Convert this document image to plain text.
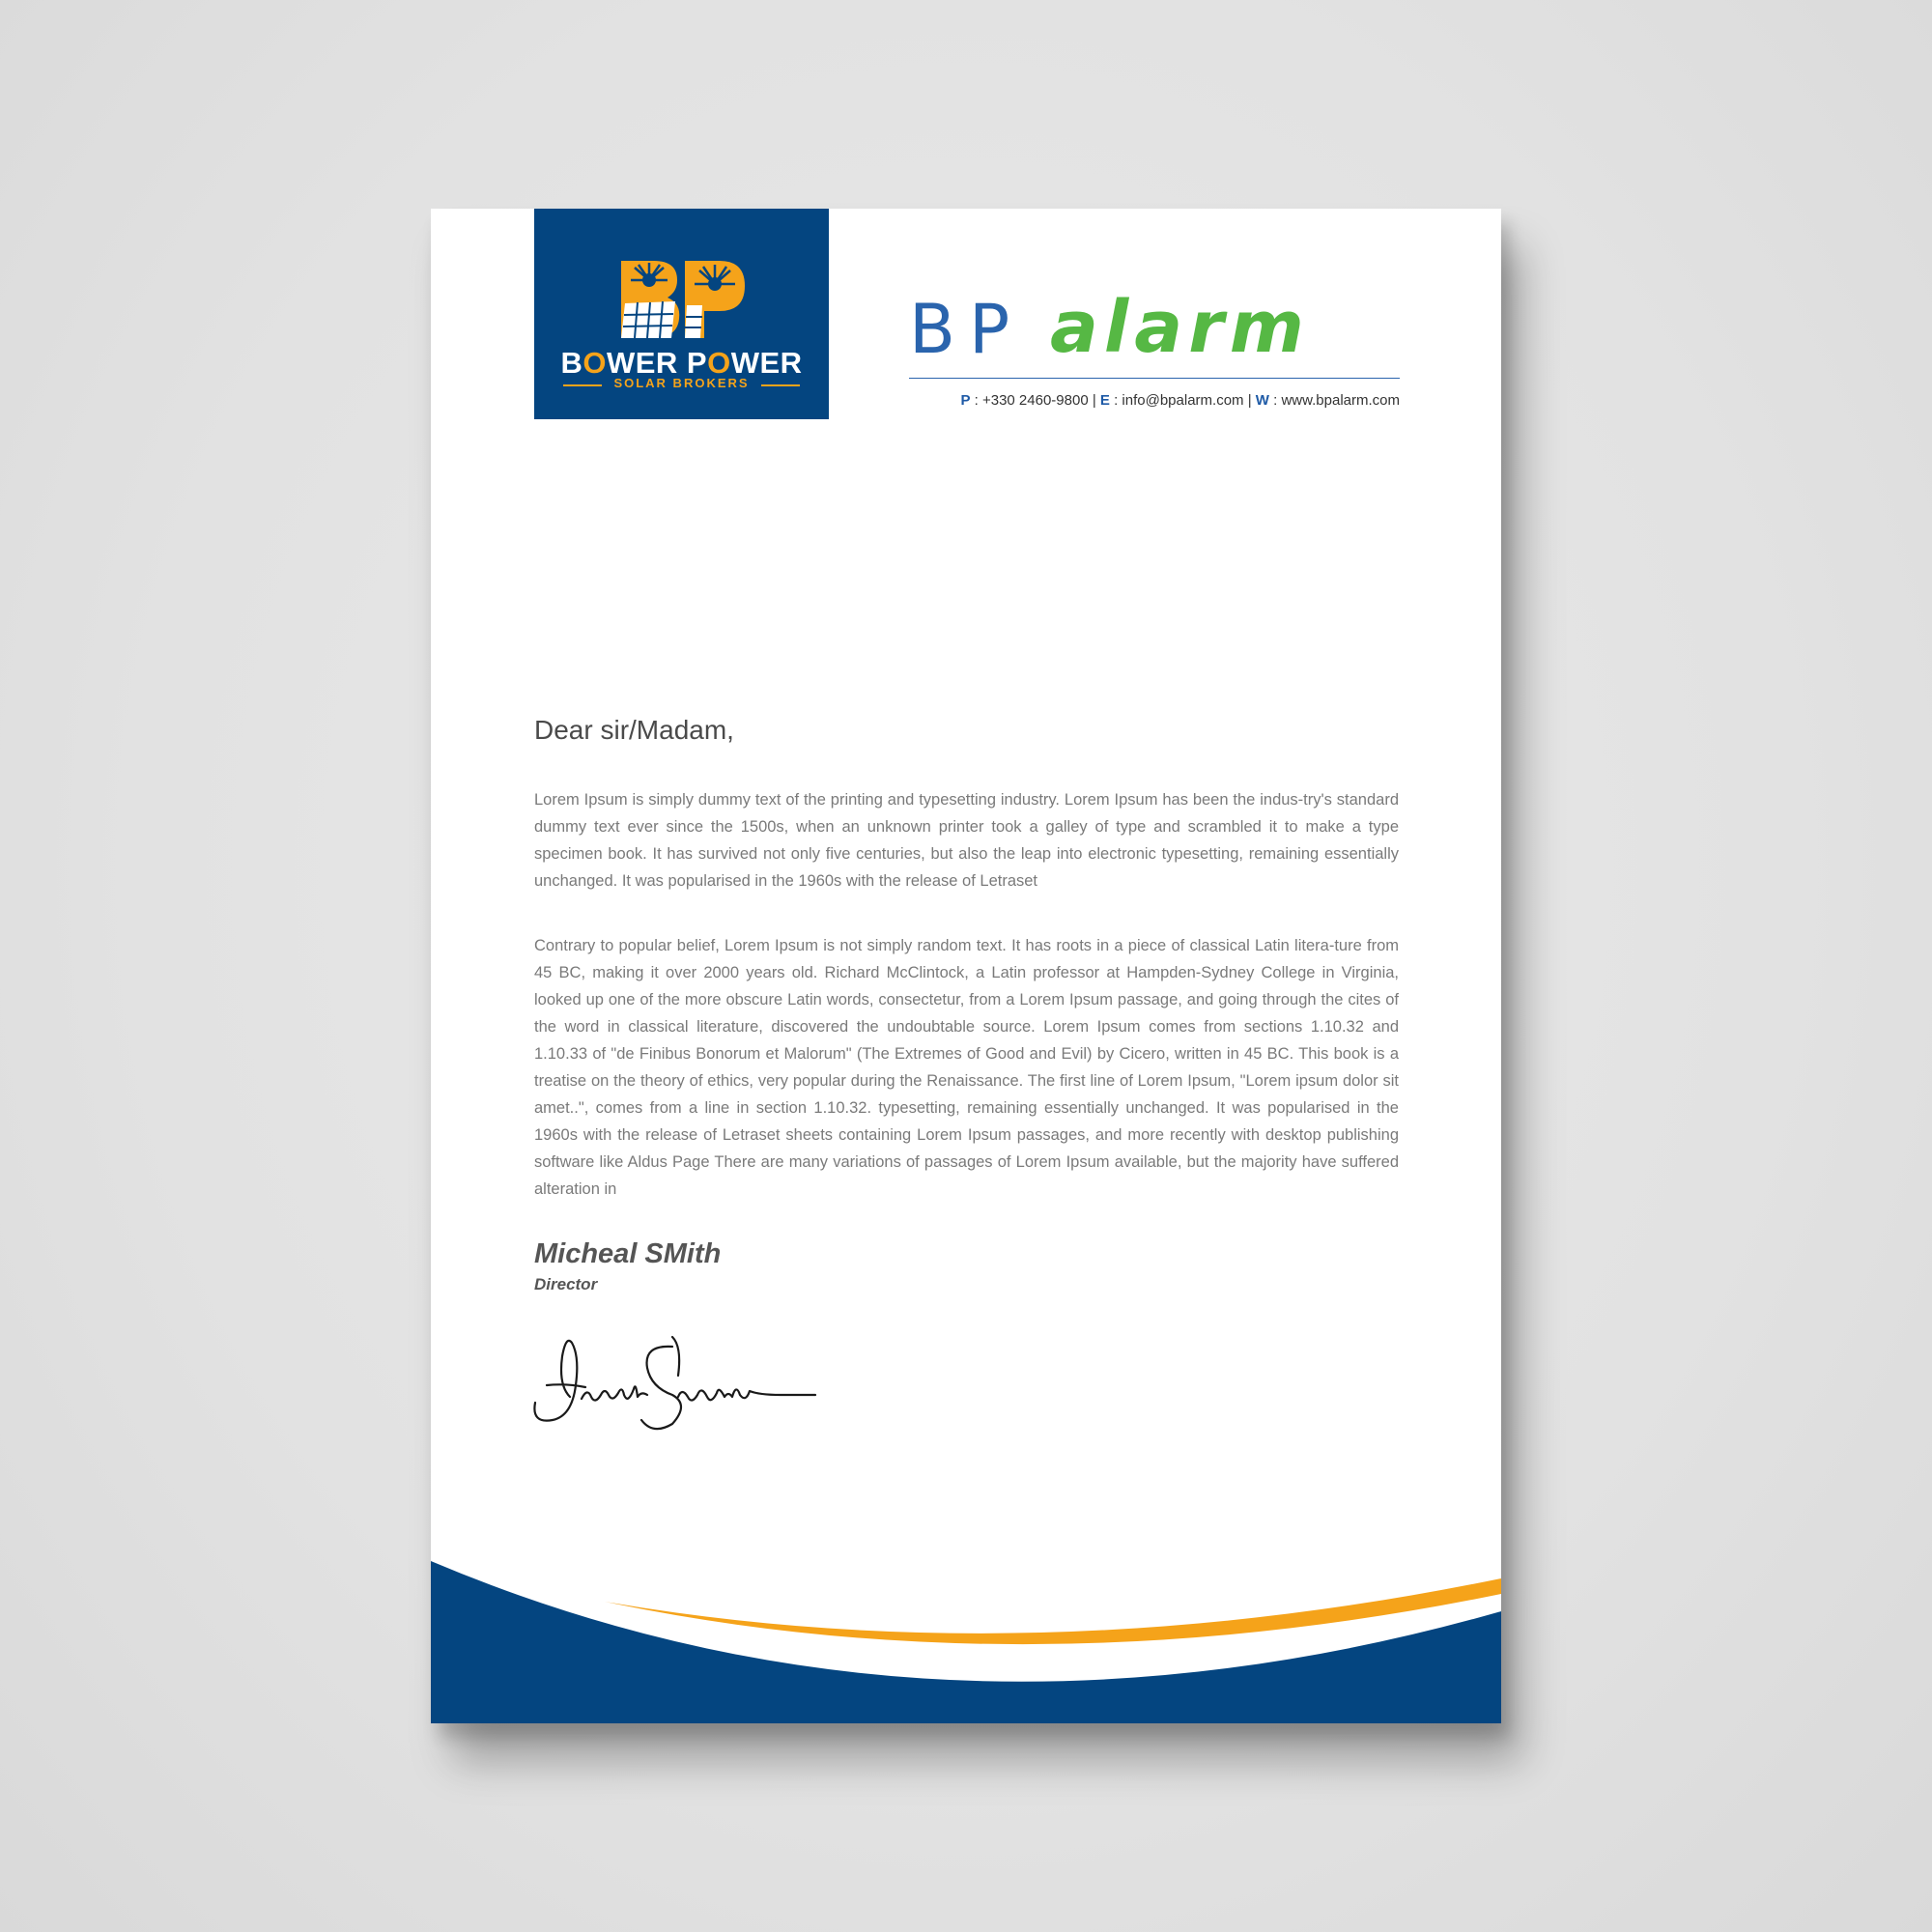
BOWER POWER
SOLAR BROKERS
BP alarm
P : +330 2460-9800 | E : info@bpalarm.com | W : www.bpalarm.com
Dear sir/Madam,

Lorem Ipsum is simply dummy text of the printing and typesetting industry. Lorem Ipsum has been the indus-try's standard dummy text ever since the 1500s, when an unknown printer took a galley of type and scrambled it to make a type specimen book. It has survived not only five centuries, but also the leap into electronic typesetting, remaining essentially unchanged. It was popularised in the 1960s with the release of Letraset

Contrary to popular belief, Lorem Ipsum is not simply random text. It has roots in a piece of classical Latin litera-ture from 45 BC, making it over 2000 years old. Richard McClintock, a Latin professor at Hampden-Sydney College in Virginia, looked up one of the more obscure Latin words, consectetur, from a Lorem Ipsum passage, and going through the cites of the word in classical literature, discovered the undoubtable source. Lorem Ipsum comes from sections 1.10.32 and 1.10.33 of "de Finibus Bonorum et Malorum" (The Extremes of Good and Evil) by Cicero, written in 45 BC. This book is a treatise on the theory of ethics, very popular during the Renaissance. The first line of Lorem Ipsum, "Lorem ipsum dolor sit amet..", comes from a line in section 1.10.32. typesetting, remaining essentially unchanged. It was popularised in the 1960s with the release of Letraset sheets containing Lorem Ipsum passages, and more recently with desktop publishing software like Aldus Page There are many variations of passages of Lorem Ipsum available, but the majority have suffered alteration in

Micheal SMith
Director
